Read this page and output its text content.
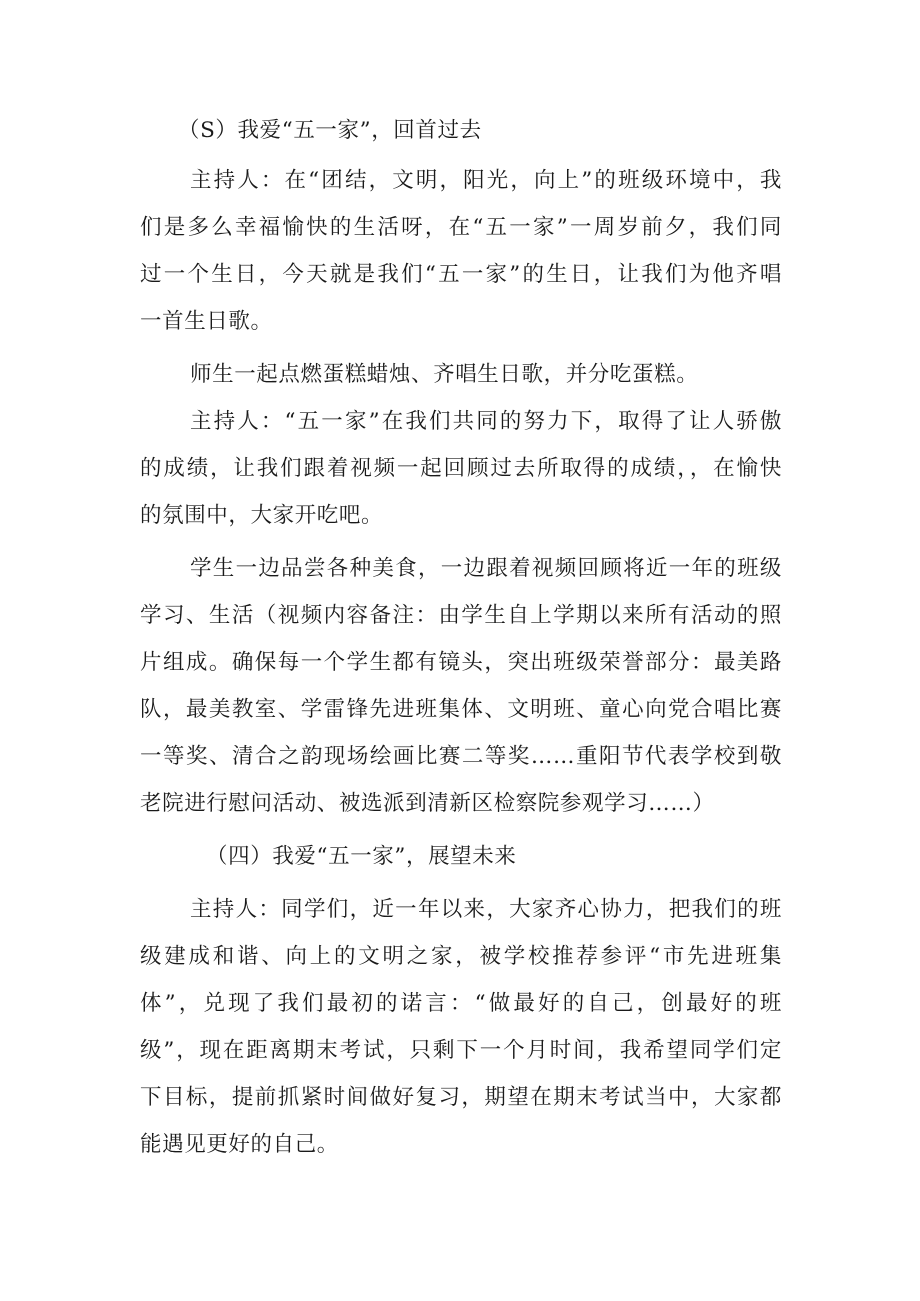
（S）我爱“五一家”，回首过去
主持人：在“团结，文明，阳光，向上”的班级环境中，我
们是多么幸福愉快的生活呀，在“五一家”一周岁前夕，我们同
过一个生日，今天就是我们“五一家”的生日，让我们为他齐唱
一首生日歌。
师生一起点燃蛋糕蜡烛、齐唱生日歌，并分吃蛋糕。
主持人：“五一家”在我们共同的努力下，取得了让人骄傲
的成绩，让我们跟着视频一起回顾过去所取得的成绩，，在愉快
的氛围中，大家开吃吧。
学生一边品尝各种美食，一边跟着视频回顾将近一年的班级
学习、生活（视频内容备注：由学生自上学期以来所有活动的照
片组成。确保每一个学生都有镜头，突出班级荣誉部分：最美路
队，最美教室、学雷锋先进班集体、文明班、童心向党合唱比赛
一等奖、清合之韵现场绘画比赛二等奖……重阳节代表学校到敬
老院进行慰问活动、被选派到清新区检察院参观学习……）
（四）我爱“五一家”，展望未来
主持人：同学们，近一年以来，大家齐心协力，把我们的班
级建成和谐、向上的文明之家，被学校推荐参评“市先进班集
体”，兑现了我们最初的诺言：“做最好的自己，创最好的班
级”，现在距离期末考试，只剩下一个月时间，我希望同学们定
下目标，提前抓紧时间做好复习，期望在期末考试当中，大家都
能遇见更好的自己。
